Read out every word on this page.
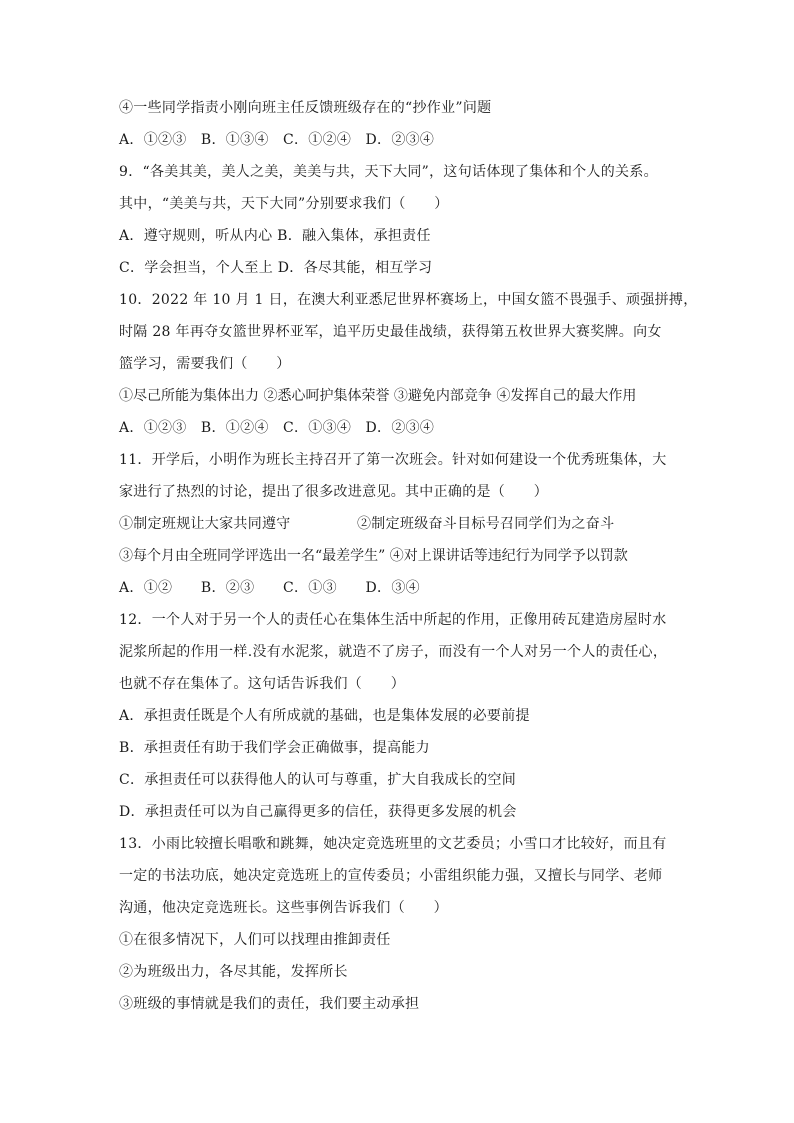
④一些同学指责小刚向班主任反馈班级存在的“抄作业”问题
A．①②③　B．①③④　C．①②④　D．②③④
9．“各美其美，美人之美，美美与共，天下大同”，这句话体现了集体和个人的关系。
其中，“美美与共，天下大同”分别要求我们（　　）
A．遵守规则，听从内心 B．融入集体，承担责任
C．学会担当，个人至上 D．各尽其能，相互学习
10．2022 年 10 月 1 日，在澳大利亚悉尼世界杯赛场上，中国女篮不畏强手、顽强拼搏，
时隔 28 年再夺女篮世界杯亚军，追平历史最佳战绩，获得第五枚世界大赛奖牌。向女
篮学习，需要我们（　　）
①尽己所能为集体出力 ②悉心呵护集体荣誉 ③避免内部竞争 ④发挥自己的最大作用
A．①②③　B．①②④　C．①③④　D．②③④
11．开学后，小明作为班长主持召开了第一次班会。针对如何建设一个优秀班集体，大
家进行了热烈的讨论，提出了很多改进意见。其中正确的是（　　）
①制定班规让大家共同遵守	②制定班级奋斗目标号召同学们为之奋斗
③每个月由全班同学评选出一名“最差学生” ④对上课讲话等违纪行为同学予以罚款
A．①②　　B．②③　　C．①③　　D．③④
12．一个人对于另一个人的责任心在集体生活中所起的作用，正像用砖瓦建造房屋时水
泥浆所起的作用一样.没有水泥浆，就造不了房子，而没有一个人对另一个人的责任心，
也就不存在集体了。这句话告诉我们（　　）
A．承担责任既是个人有所成就的基础，也是集体发展的必要前提
B．承担责任有助于我们学会正确做事，提高能力
C．承担责任可以获得他人的认可与尊重，扩大自我成长的空间
D．承担责任可以为自己赢得更多的信任，获得更多发展的机会
13．小雨比较擅长唱歌和跳舞，她决定竞选班里的文艺委员；小雪口才比较好，而且有
一定的书法功底，她决定竞选班上的宣传委员；小雷组织能力强，又擅长与同学、老师
沟通，他决定竞选班长。这些事例告诉我们（　　）
①在很多情况下，人们可以找理由推卸责任
②为班级出力，各尽其能，发挥所长
③班级的事情就是我们的责任，我们要主动承担
